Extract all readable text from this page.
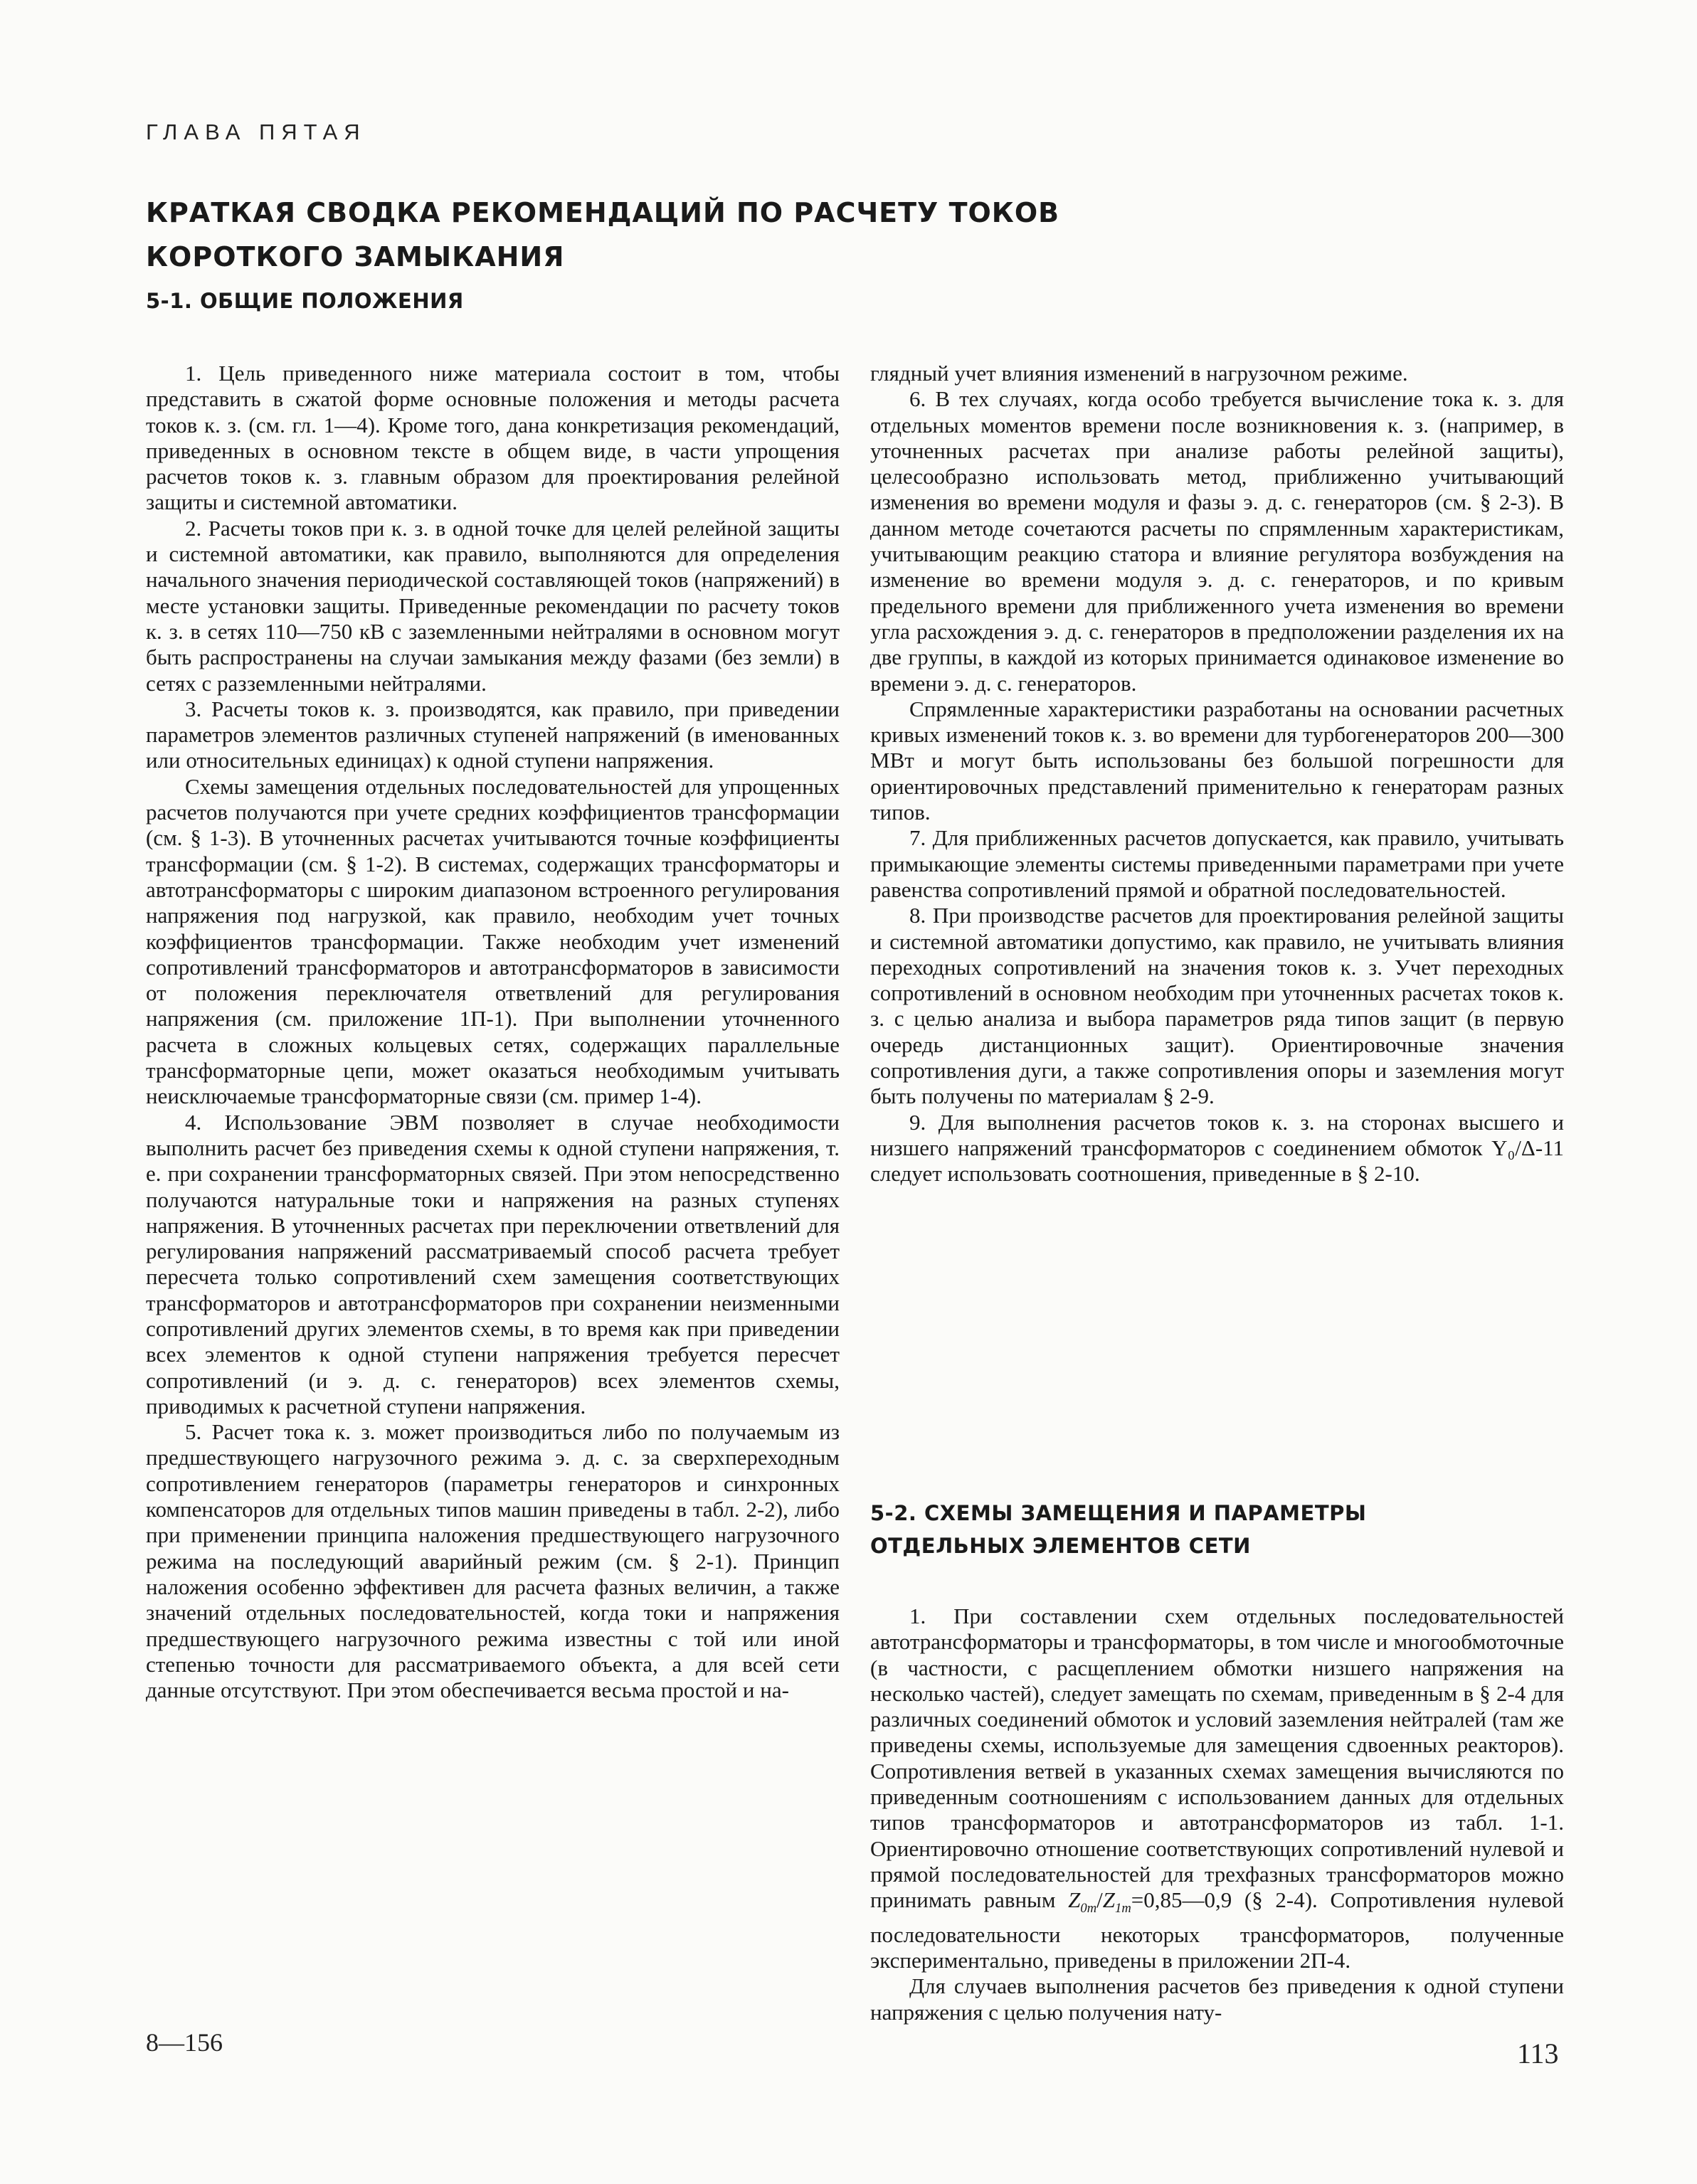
ГЛАВА ПЯТАЯ
КРАТКАЯ СВОДКА РЕКОМЕНДАЦИЙ ПО РАСЧЕТУ ТОКОВ
КОРОТКОГО ЗАМЫКАНИЯ
5-1. ОБЩИЕ ПОЛОЖЕНИЯ

1. Цель приведенного ниже материала состоит в том, чтобы представить в сжатой форме основные положения и методы расчета токов к. з. (см. гл. 1—4). Кроме того, дана конкретизация рекомендаций, приведенных в основном тексте в общем виде, в части упрощения расчетов токов к. з. главным образом для проектирования релейной защиты и системной автоматики.

2. Расчеты токов при к. з. в одной точке для целей релейной защиты и системной автоматики, как правило, выполняются для определения начального значения периодической составляющей токов (напряжений) в месте установки защиты. Приведенные рекомендации по расчету токов к. з. в сетях 110—750 кВ с заземленными нейтралями в основном могут быть распространены на случаи замыкания между фазами (без земли) в сетях с разземленными нейтралями.

3. Расчеты токов к. з. производятся, как правило, при приведении параметров элементов различных ступеней напряжений (в именованных или относительных единицах) к одной ступени напряжения.

Схемы замещения отдельных последовательностей для упрощенных расчетов получаются при учете средних коэффициентов трансформации (см. § 1-3). В уточненных расчетах учитываются точные коэффициенты трансформации (см. § 1-2). В системах, содержащих трансформаторы и автотрансформаторы с широким диапазоном встроенного регулирования напряжения под нагрузкой, как правило, необходим учет точных коэффициентов трансформации. Также необходим учет изменений сопротивлений трансформаторов и автотрансформаторов в зависимости от положения переключателя ответвлений для регулирования напряжения (см. приложение 1П-1). При выполнении уточненного расчета в сложных кольцевых сетях, содержащих параллельные трансформаторные цепи, может оказаться необходимым учитывать неисключаемые трансформаторные связи (см. пример 1-4).

4. Использование ЭВМ позволяет в случае необходимости выполнить расчет без приведения схемы к одной ступени напряжения, т. е. при сохранении трансформаторных связей. При этом непосредственно получаются натуральные токи и напряжения на разных ступенях напряжения. В уточненных расчетах при переключении ответвлений для регулирования напряжений рассматриваемый способ расчета требует пересчета только сопротивлений схем замещения соответствующих трансформаторов и автотрансформаторов при сохранении неизменными сопротивлений других элементов схемы, в то время как при приведении всех элементов к одной ступени напряжения требуется пересчет сопротивлений (и э. д. с. генераторов) всех элементов схемы, приводимых к расчетной ступени напряжения.

5. Расчет тока к. з. может производиться либо по получаемым из предшествующего нагрузочного режима э. д. с. за сверхпереходным сопротивлением генераторов (параметры генераторов и синхронных компенсаторов для отдельных типов машин приведены в табл. 2-2), либо при применении принципа наложения предшествующего нагрузочного режима на последующий аварийный режим (см. § 2-1). Принцип наложения особенно эффективен для расчета фазных величин, а также значений отдельных последовательностей, когда токи и напряжения предшествующего нагрузочного режима известны с той или иной степенью точности для рассматриваемого объекта, а для всей сети данные отсутствуют. При этом обеспечивается весьма простой и на-

глядный учет влияния изменений в нагрузочном режиме.

6. В тех случаях, когда особо требуется вычисление тока к. з. для отдельных моментов времени после возникновения к. з. (например, в уточненных расчетах при анализе работы релейной защиты), целесообразно использовать метод, приближенно учитывающий изменения во времени модуля и фазы э. д. с. генераторов (см. § 2-3). В данном методе сочетаются расчеты по спрямленным характеристикам, учитывающим реакцию статора и влияние регулятора возбуждения на изменение во времени модуля э. д. с. генераторов, и по кривым предельного времени для приближенного учета изменения во времени угла расхождения э. д. с. генераторов в предположении разделения их на две группы, в каждой из которых принимается одинаковое изменение во времени э. д. с. генераторов.

Спрямленные характеристики разработаны на основании расчетных кривых изменений токов к. з. во времени для турбогенераторов 200—300 МВт и могут быть использованы без большой погрешности для ориентировочных представлений применительно к генераторам разных типов.

7. Для приближенных расчетов допускается, как правило, учитывать примыкающие элементы системы приведенными параметрами при учете равенства сопротивлений прямой и обратной последовательностей.

8. При производстве расчетов для проектирования релейной защиты и системной автоматики допустимо, как правило, не учитывать влияния переходных сопротивлений на значения токов к. з. Учет переходных сопротивлений в основном необходим при уточненных расчетах токов к. з. с целью анализа и выбора параметров ряда типов защит (в первую очередь дистанционных защит). Ориентировочные значения сопротивления дуги, а также сопротивления опоры и заземления могут быть получены по материалам § 2-9.

9. Для выполнения расчетов токов к. з. на сторонах высшего и низшего напряжений трансформаторов с соединением обмоток Y₀/Δ-11 следует использовать соотношения, приведенные в § 2-10.

5-2. СХЕМЫ ЗАМЕЩЕНИЯ И ПАРАМЕТРЫ
ОТДЕЛЬНЫХ ЭЛЕМЕНТОВ СЕТИ

1. При составлении схем отдельных последовательностей автотрансформаторы и трансформаторы, в том числе и многообмоточные (в частности, с расщеплением обмотки низшего напряжения на несколько частей), следует замещать по схемам, приведенным в § 2-4 для различных соединений обмоток и условий заземления нейтралей (там же приведены схемы, используемые для замещения сдвоенных реакторов). Сопротивления ветвей в указанных схемах замещения вычисляются по приведенным соотношениям с использованием данных для отдельных типов трансформаторов и автотрансформаторов из табл. 1-1. Ориентировочно отношение соответствующих сопротивлений нулевой и прямой последовательностей для трехфазных трансформаторов можно принимать равным $Z_{0т}/Z_{1т}=0,85—0,9$ (§ 2-4). Сопротивления нулевой последовательности некоторых трансформаторов, полученные экспериментально, приведены в приложении 2П-4.

Для случаев выполнения расчетов без приведения к одной ступени напряжения с целью получения нату-

8—156	113
